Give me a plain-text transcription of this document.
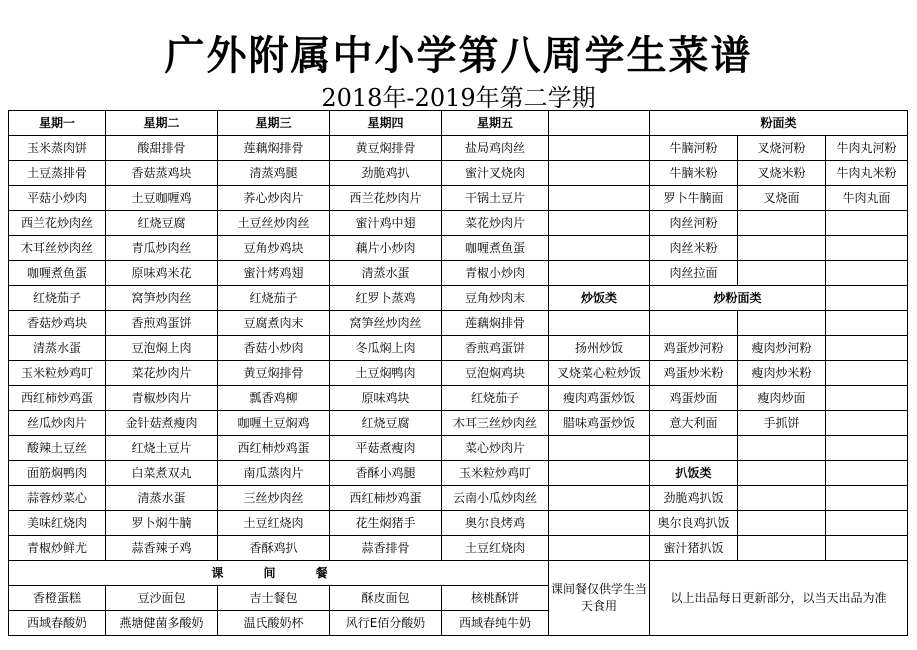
广外附属中小学第八周学生菜谱
2018年-2019年第二学期
星期一	星期二	星期三	星期四	星期五		粉面类		
玉米蒸肉饼	酸甜排骨	莲藕焖排骨	黄豆焖排骨	盐局鸡肉丝		牛腩河粉	叉烧河粉	牛肉丸河粉
土豆蒸排骨	香菇蒸鸡块	清蒸鸡腿	劲脆鸡扒	蜜汁叉烧肉		牛腩米粉	叉烧米粉	牛肉丸米粉
平菇小炒肉	土豆咖喱鸡	荞心炒肉片	西兰花炒肉片	干锅土豆片		罗卜牛腩面	叉烧面	牛肉丸面
西兰花炒肉丝	红烧豆腐	土豆丝炒肉丝	蜜汁鸡中翅	菜花炒肉片		肉丝河粉		
木耳丝炒肉丝	青瓜炒肉丝	豆角炒鸡块	藕片小炒肉	咖喱煮鱼蛋		肉丝米粉		
咖喱煮鱼蛋	原味鸡米花	蜜汁烤鸡翅	清蒸水蛋	青椒小炒肉		肉丝拉面		
红烧茄子	窝笋炒肉丝	红烧茄子	红罗卜蒸鸡	豆角炒肉末	炒饭类	炒粉面类		
香菇炒鸡块	香煎鸡蛋饼	豆腐煮肉末	窝笋丝炒肉丝	莲藕焖排骨				
清蒸水蛋	豆泡焖上肉	香菇小炒肉	冬瓜焖上肉	香煎鸡蛋饼	扬州炒饭	鸡蛋炒河粉	瘦肉炒河粉	
玉米粒炒鸡叮	菜花炒肉片	黄豆焖排骨	土豆焖鸭肉	豆泡焖鸡块	叉烧菜心粒炒饭	鸡蛋炒米粉	瘦肉炒米粉	
西红柿炒鸡蛋	青椒炒肉片	瓢香鸡柳	原味鸡块	红烧茄子	瘦肉鸡蛋炒饭	鸡蛋炒面	瘦肉炒面	
丝瓜炒肉片	金针菇煮瘦肉	咖喱土豆焖鸡	红烧豆腐	木耳三丝炒肉丝	腊味鸡蛋炒饭	意大利面	手抓饼	
酸辣土豆丝	红烧土豆片	西红柿炒鸡蛋	平菇煮瘦肉	菜心炒肉片				
面筋焖鸭肉	白菜煮双丸	南瓜蒸肉片	香酥小鸡腿	玉米粒炒鸡叮		扒饭类		
蒜蓉炒菜心	清蒸水蛋	三丝炒肉丝	西红柿炒鸡蛋	云南小瓜炒肉丝		劲脆鸡扒饭		
美味红烧肉	罗卜焖牛腩	土豆红烧肉	花生焖猪手	奥尔良烤鸡		奥尔良鸡扒饭		
青椒炒鲜尤	蒜香辣子鸡	香酥鸡扒	蒜香排骨	土豆红烧肉		蜜汁猪扒饭		
课 间 餐					课间餐仅供学生当天食用	以上出品每日更新部分，以当天出品为准		
香橙蛋糕	豆沙面包	吉士餐包	酥皮面包	核桃酥饼				
西域春酸奶	燕塘健菌多酸奶	温氏酸奶杯	风行E佰分酸奶	西域春纯牛奶				
